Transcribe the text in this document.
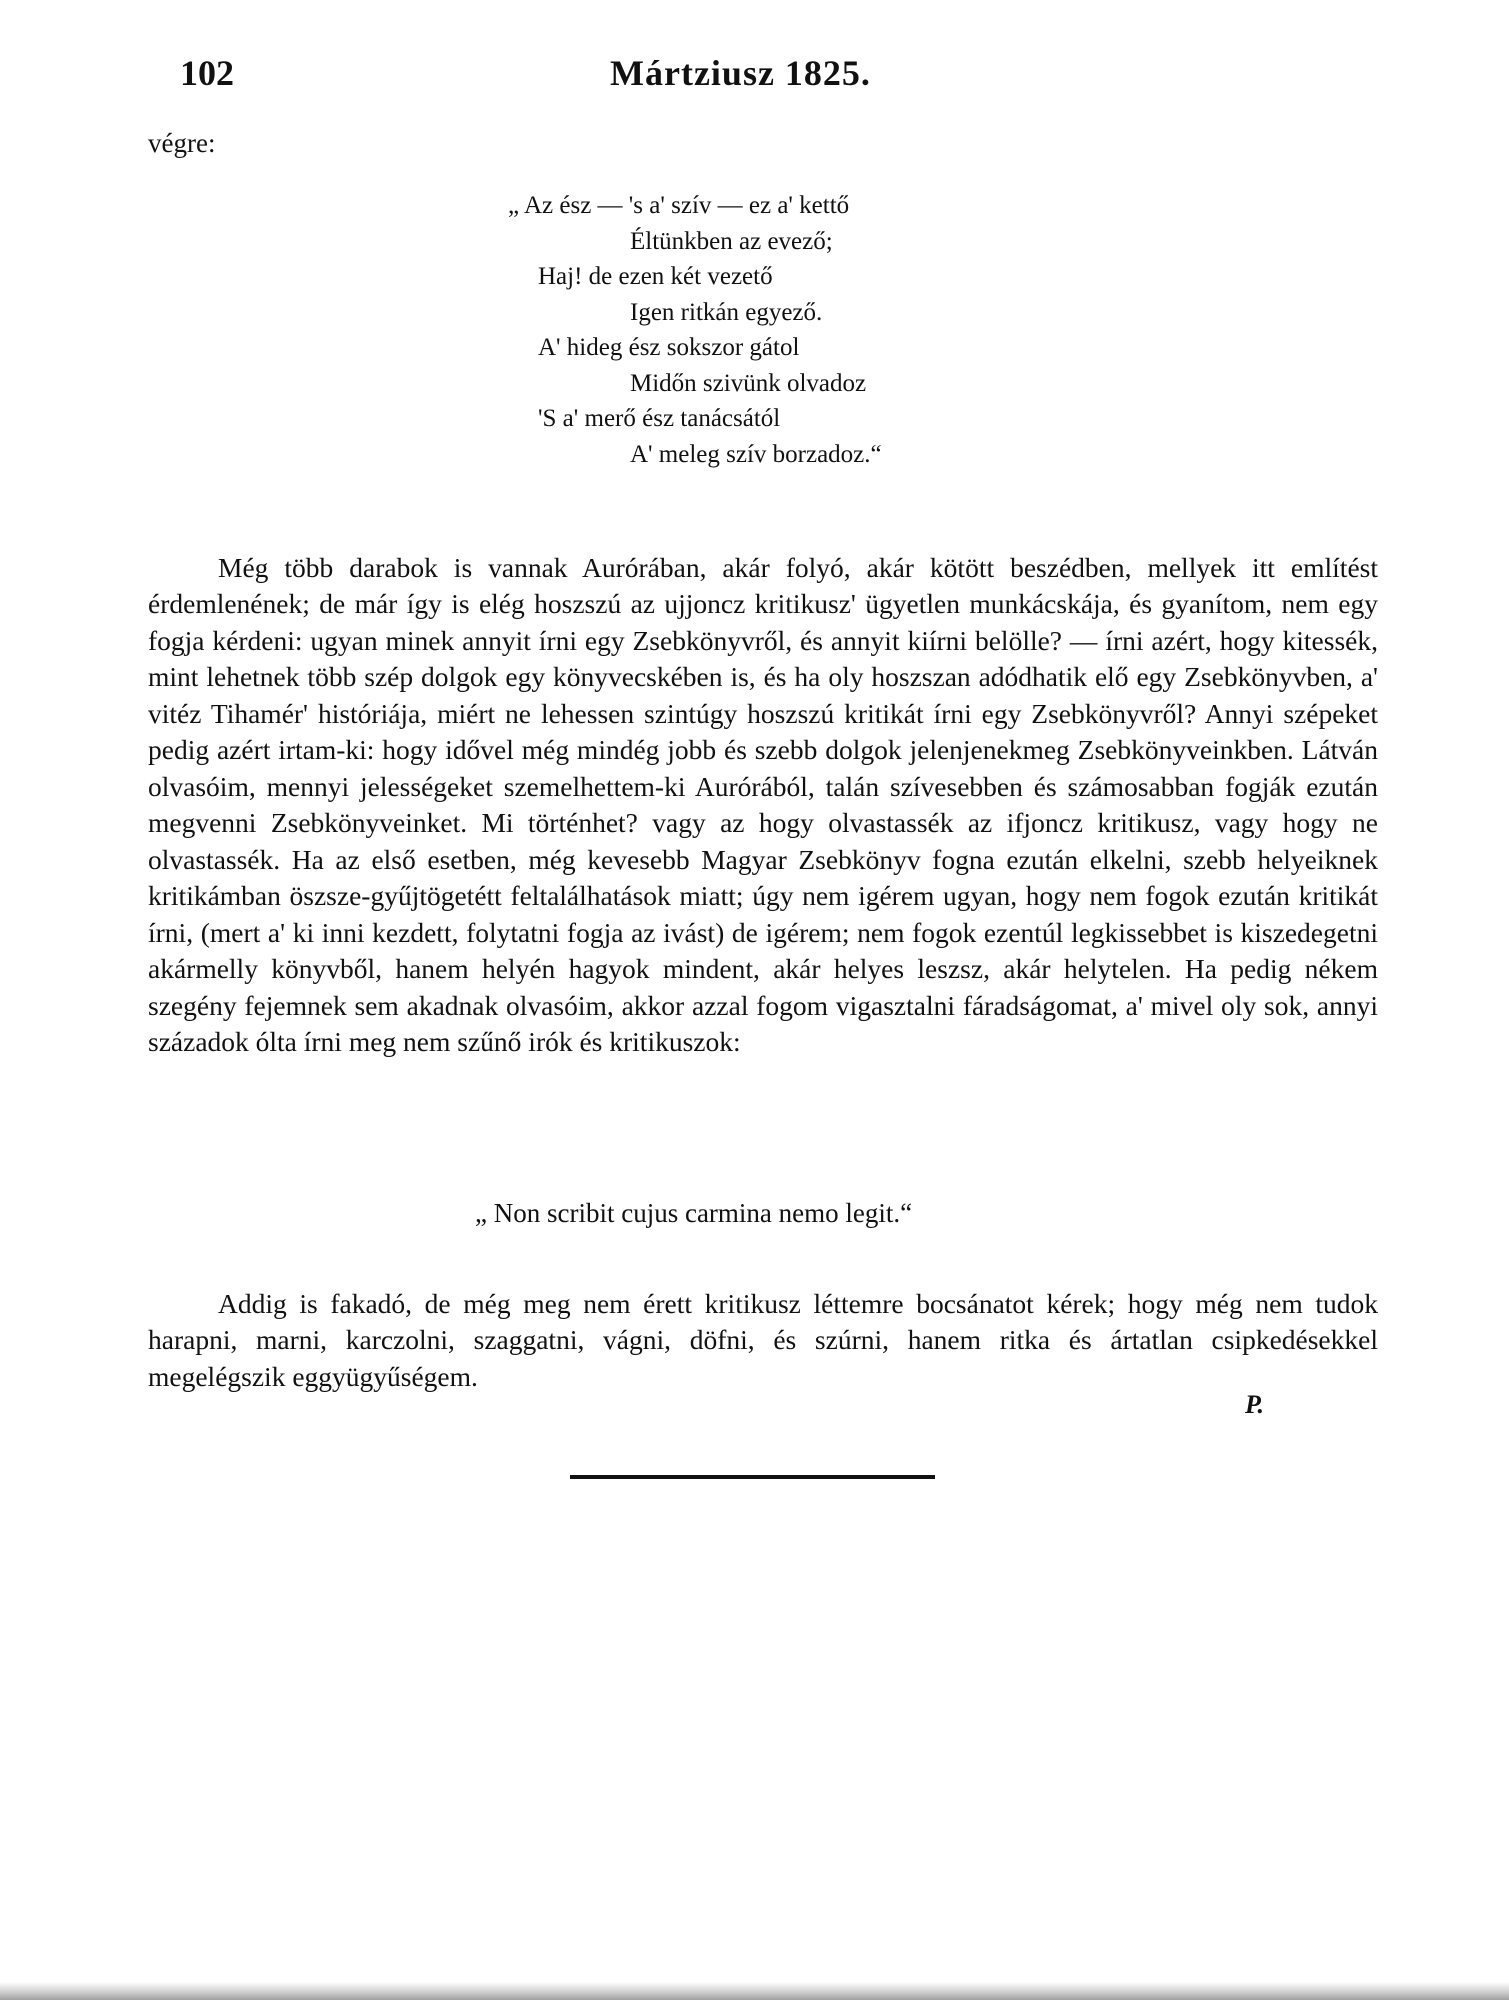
102	Mártziusz 1825.
végre:
„ Az ész — 's a' szív — ez a' kettő
Éltünkben az evező;
Haj! de ezen két vezető
Igen ritkán egyező.
A' hideg ész sokszor gátol
Midőn szivünk olvadoz
'S a' merő ész tanácsától
A' meleg szív borzadoz.“

Még több darabok is vannak Aurórában, akár folyó, akár kötött beszédben, mellyek itt említést érdemlenének; de már így is elég hoszszú az ujjoncz kritikusz' ügyetlen munkácskája, és gyanítom, nem egy fogja kérdeni: ugyan minek annyit írni egy Zsebkönyvről, és annyit kiírni belölle? — írni azért, hogy kitessék, mint lehetnek több szép dolgok egy könyvecskében is, és ha oly hoszszan adódhatik elő egy Zsebkönyvben, a' vitéz Tihamér' históriája, miért ne lehessen szintúgy hoszszú kritikát írni egy Zsebkönyvről? Annyi szépeket pedig azért irtam-ki: hogy idővel még mindég jobb és szebb dolgok jelenjenekmeg Zsebkönyveinkben. Látván olvasóim, mennyi jelességeket szemelhettem-ki Aurórából, talán szívesebben és számosabban fogják ezután megvenni Zsebkönyveinket. Mi történhet? vagy az hogy olvastassék az ifjoncz kritikusz, vagy hogy ne olvastassék. Ha az első esetben, még kevesebb Magyar Zsebkönyv fogna ezután elkelni, szebb helyeiknek kritikámban öszsze-gyűjtögetétt feltalálhatások miatt; úgy nem igérem ugyan, hogy nem fogok ezután kritikát írni, (mert a' ki inni kezdett, folytatni fogja az ivást) de igérem; nem fogok ezentúl legkissebbet is kiszedegetni akármelly könyvből, hanem helyén hagyok mindent, akár helyes leszsz, akár helytelen. Ha pedig nékem szegény fejemnek sem akadnak olvasóim, akkor azzal fogom vigasztalni fáradságomat, a' mivel oly sok, annyi századok ólta írni meg nem szűnő irók és kritikuszok:

„ Non scribit cujus carmina nemo legit.“

Addig is fakadó, de még meg nem érett kritikusz léttemre bocsánatot kérek; hogy még nem tudok harapni, marni, karczolni, szaggatni, vágni, döfni, és szúrni, hanem ritka és ártatlan csipkedésekkel megelégszik eggyügyűségem.

P.
